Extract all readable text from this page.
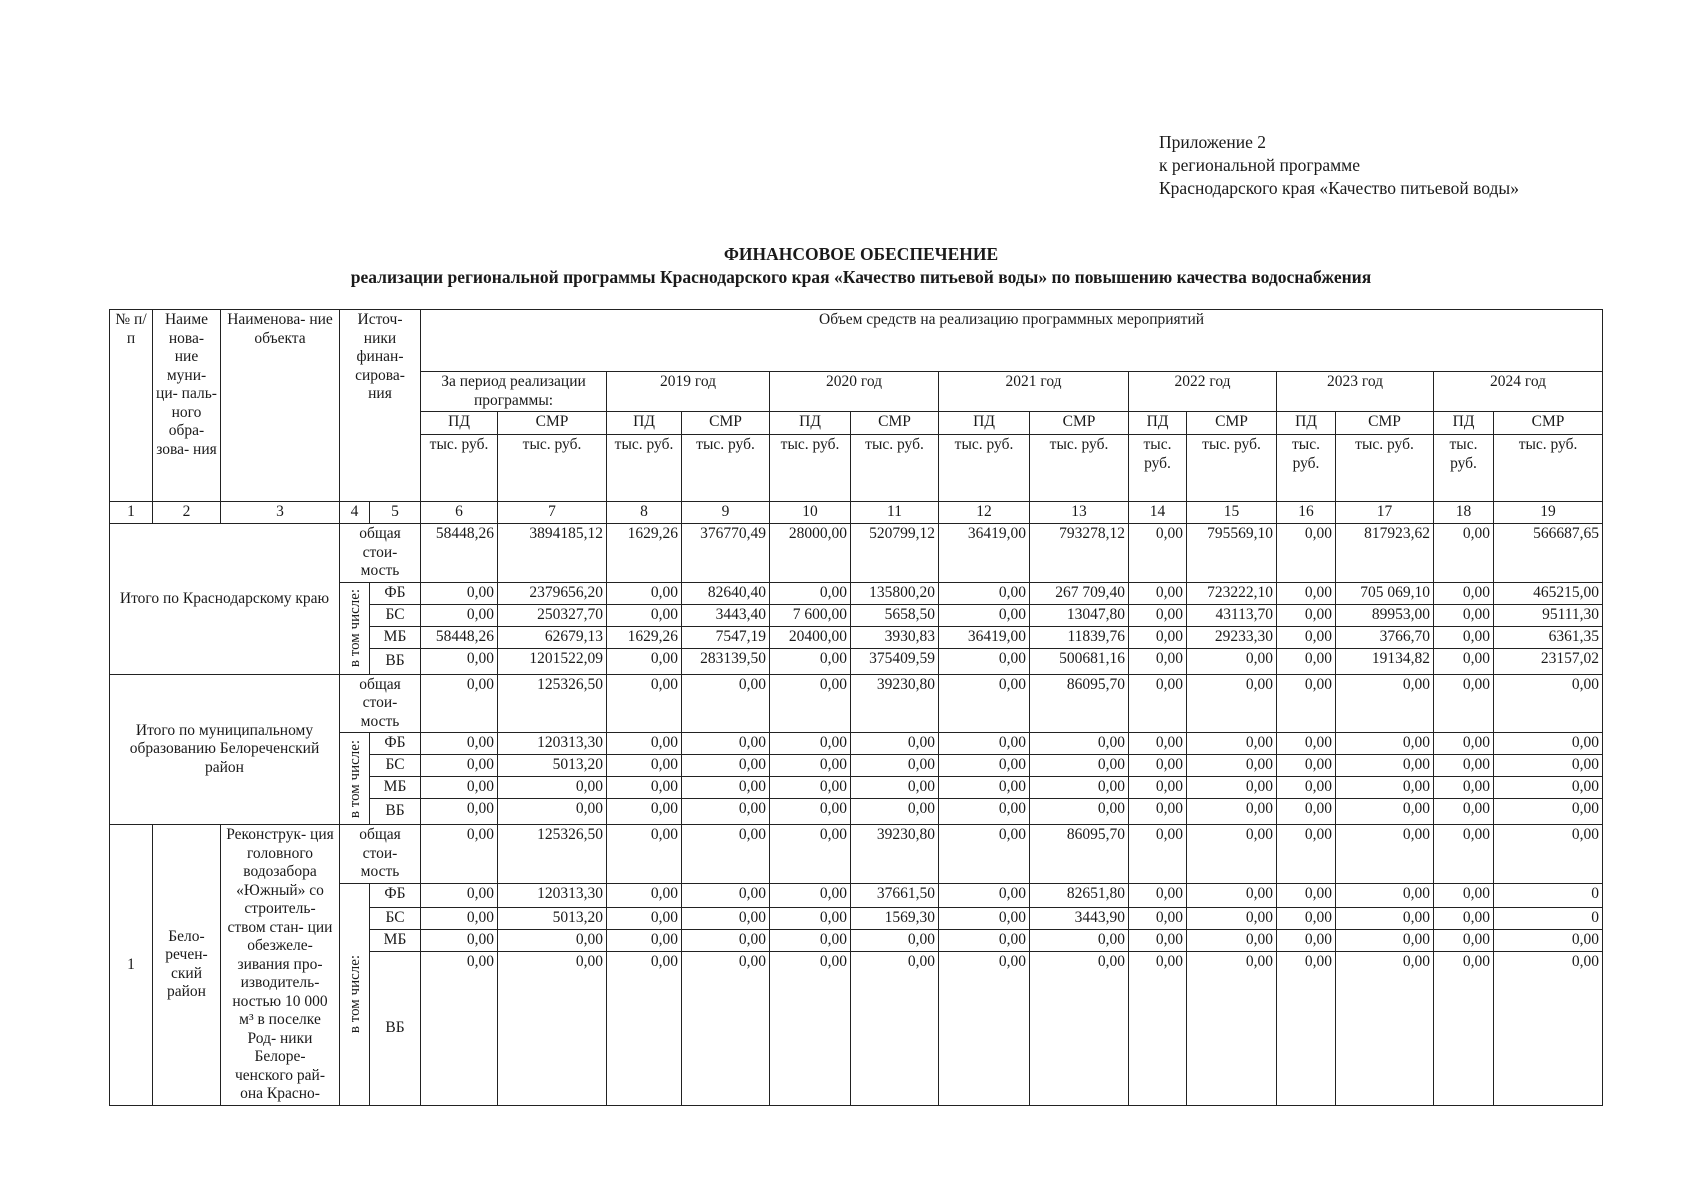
Приложение 2
к региональной программе
Краснодарского края «Качество питьевой воды»
ФИНАНСОВОЕ ОБЕСПЕЧЕНИЕ
реализации региональной программы Краснодарского края «Качество питьевой воды» по повышению качества водоснабжения
№ п/п	Наиме нова- ние муни- ци- паль- ного обра- зова- ния	Наименова- ние объекта	Источ- ники финан- сирова- ния		Объем средств на реализацию программных мероприятий													
					За период реализации программы:		2019 год		2020 год		2021 год		2022 год		2023 год		2024 год	
					ПД	СМР	ПД	СМР	ПД	СМР	ПД	СМР	ПД	СМР	ПД	СМР	ПД	СМР
					тыс. руб.	тыс. руб.	тыс. руб.	тыс. руб.	тыс. руб.	тыс. руб.	тыс. руб.	тыс. руб.	тыс. руб.	тыс. руб.	тыс. руб.	тыс. руб.	тыс. руб.	тыс. руб.
1	2	3	4	5	6	7	8	9	10	11	12	13	14	15	16	17	18	19
Итого по Краснодарскому краю			общая стои- мость		58448,26	3894185,12	1629,26	376770,49	28000,00	520799,12	36419,00	793278,12	0,00	795569,10	0,00	817923,62	0,00	566687,65

			в том числе:	ФБ	0,00	2379656,20	0,00	82640,40	0,00	135800,20	0,00	267 709,40	0,00	723222,10	0,00	705 069,10	0,00	465215,00
				БС	0,00	250327,70	0,00	3443,40	7 600,00	5658,50	0,00	13047,80	0,00	43113,70	0,00	89953,00	0,00	95111,30
				МБ	58448,26	62679,13	1629,26	7547,19	20400,00	3930,83	36419,00	11839,76	0,00	29233,30	0,00	3766,70	0,00	6361,35
				ВБ	0,00	1201522,09	0,00	283139,50	0,00	375409,59	0,00	500681,16	0,00	0,00	0,00	19134,82	0,00	23157,02
Итого по муниципальному образованию Белореченский район			общая стои- мость		0,00	125326,50	0,00	0,00	0,00	39230,80	0,00	86095,70	0,00	0,00	0,00	0,00	0,00	0,00

			в том числе:	ФБ	0,00	120313,30	0,00	0,00	0,00	0,00	0,00	0,00	0,00	0,00	0,00	0,00	0,00	0,00
				БС	0,00	5013,20	0,00	0,00	0,00	0,00	0,00	0,00	0,00	0,00	0,00	0,00	0,00	0,00
				МБ	0,00	0,00	0,00	0,00	0,00	0,00	0,00	0,00	0,00	0,00	0,00	0,00	0,00	0,00
				ВБ	0,00	0,00	0,00	0,00	0,00	0,00	0,00	0,00	0,00	0,00	0,00	0,00	0,00	0,00
1	Бело- речен- ский район	Реконструк- ция головного водозабора «Южный» со строитель- ством стан- ции обезжеле- зивания про- изводитель- ностью 10 000 м³ в поселке Род- ники Белоре- ченского рай- она Красно-	общая стои- мость		0,00	125326,50	0,00	0,00	0,00	39230,80	0,00	86095,70	0,00	0,00	0,00	0,00	0,00	0,00

			в том числе:	ФБ	0,00	120313,30	0,00	0,00	0,00	37661,50	0,00	82651,80	0,00	0,00	0,00	0,00	0,00	0
				БС	0,00	5013,20	0,00	0,00	0,00	1569,30	0,00	3443,90	0,00	0,00	0,00	0,00	0,00	0
				МБ	0,00	0,00	0,00	0,00	0,00	0,00	0,00	0,00	0,00	0,00	0,00	0,00	0,00	0,00
				ВБ	0,00	0,00	0,00	0,00	0,00	0,00	0,00	0,00	0,00	0,00	0,00	0,00	0,00	0,00
